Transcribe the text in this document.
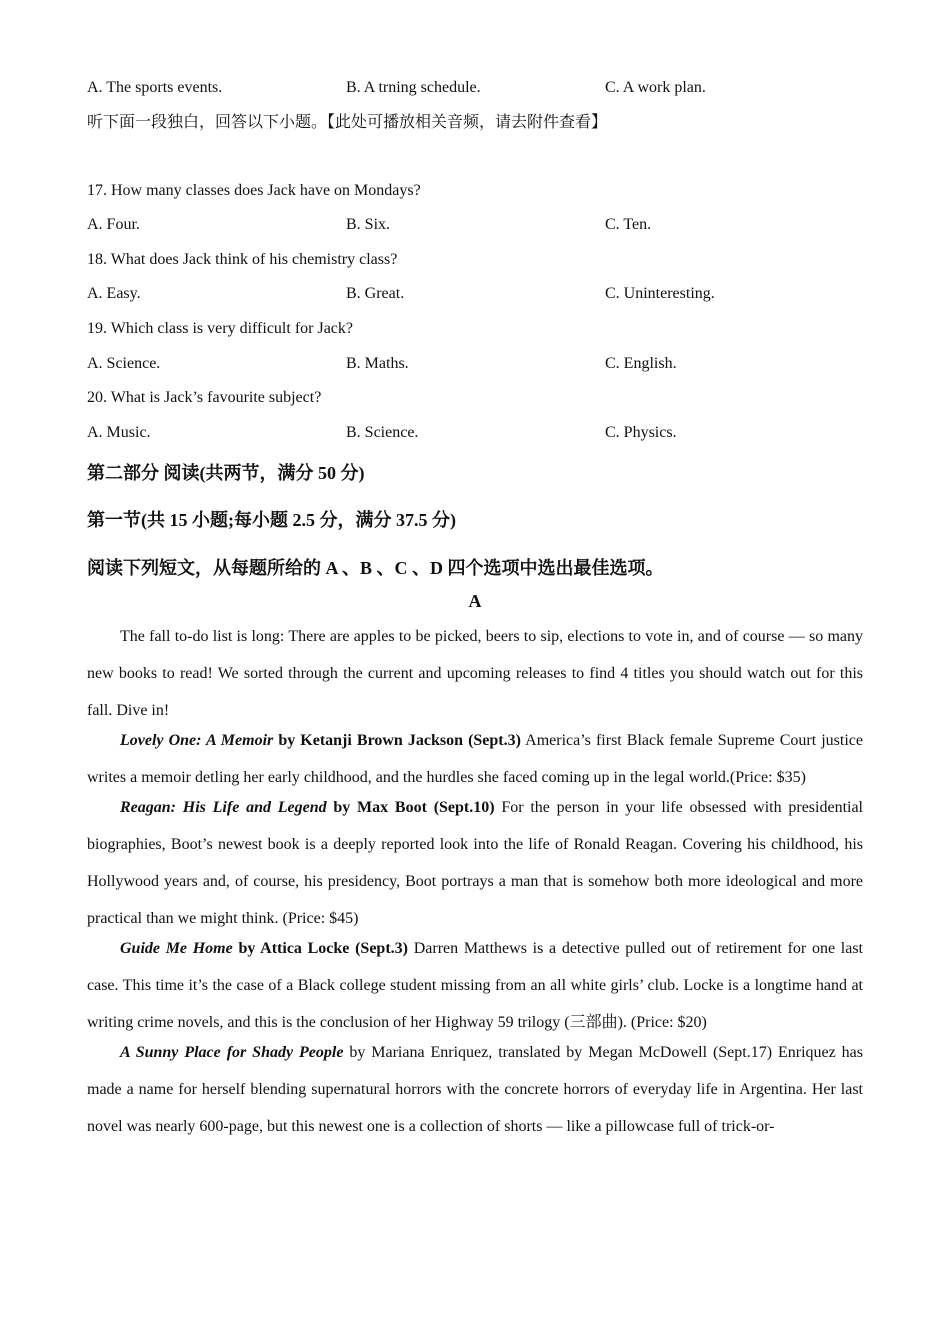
A. The sports events.	B. A trning schedule.	C. A work plan.
听下面一段独白，回答以下小题。【此处可播放相关音频，请去附件查看】
17. How many classes does Jack have on Mondays?
A. Four.	B. Six.	C. Ten.
18. What does Jack think of his chemistry class?
A. Easy.	B. Great.	C. Uninteresting.
19. Which class is very difficult for Jack?
A. Science.	B. Maths.	C. English.
20. What is Jack’s favourite subject?
A. Music.	B. Science.	C. Physics.
第二部分 阅读(共两节，满分 50 分)
第一节(共 15 小题;每小题 2.5 分，满分 37.5 分)
阅读下列短文，从每题所给的 A 、B 、C 、D 四个选项中选出最佳选项。
A

The fall to-do list is long: There are apples to be picked, beers to sip, elections to vote in, and of course — so many new books to read! We sorted through the current and upcoming releases to find 4 titles you should watch out for this fall. Dive in!

Lovely One: A Memoir by Ketanji Brown Jackson (Sept.3) America’s first Black female Supreme Court justice writes a memoir detling her early childhood, and the hurdles she faced coming up in the legal world.(Price: $35)

Reagan: His Life and Legend by Max Boot (Sept.10) For the person in your life obsessed with presidential biographies, Boot’s newest book is a deeply reported look into the life of Ronald Reagan. Covering his childhood, his Hollywood years and, of course, his presidency, Boot portrays a man that is somehow both more ideological and more practical than we might think. (Price: $45)

Guide Me Home by Attica Locke (Sept.3) Darren Matthews is a detective pulled out of retirement for one last case. This time it’s the case of a Black college student missing from an all white girls’ club. Locke is a longtime hand at writing crime novels, and this is the conclusion of her Highway 59 trilogy (三部曲). (Price: $20)

A Sunny Place for Shady People by Mariana Enriquez, translated by Megan McDowell (Sept.17) Enriquez has made a name for herself blending supernatural horrors with the concrete horrors of everyday life in Argentina. Her last novel was nearly 600-page, but this newest one is a collection of shorts — like a pillowcase full of trick-or-
